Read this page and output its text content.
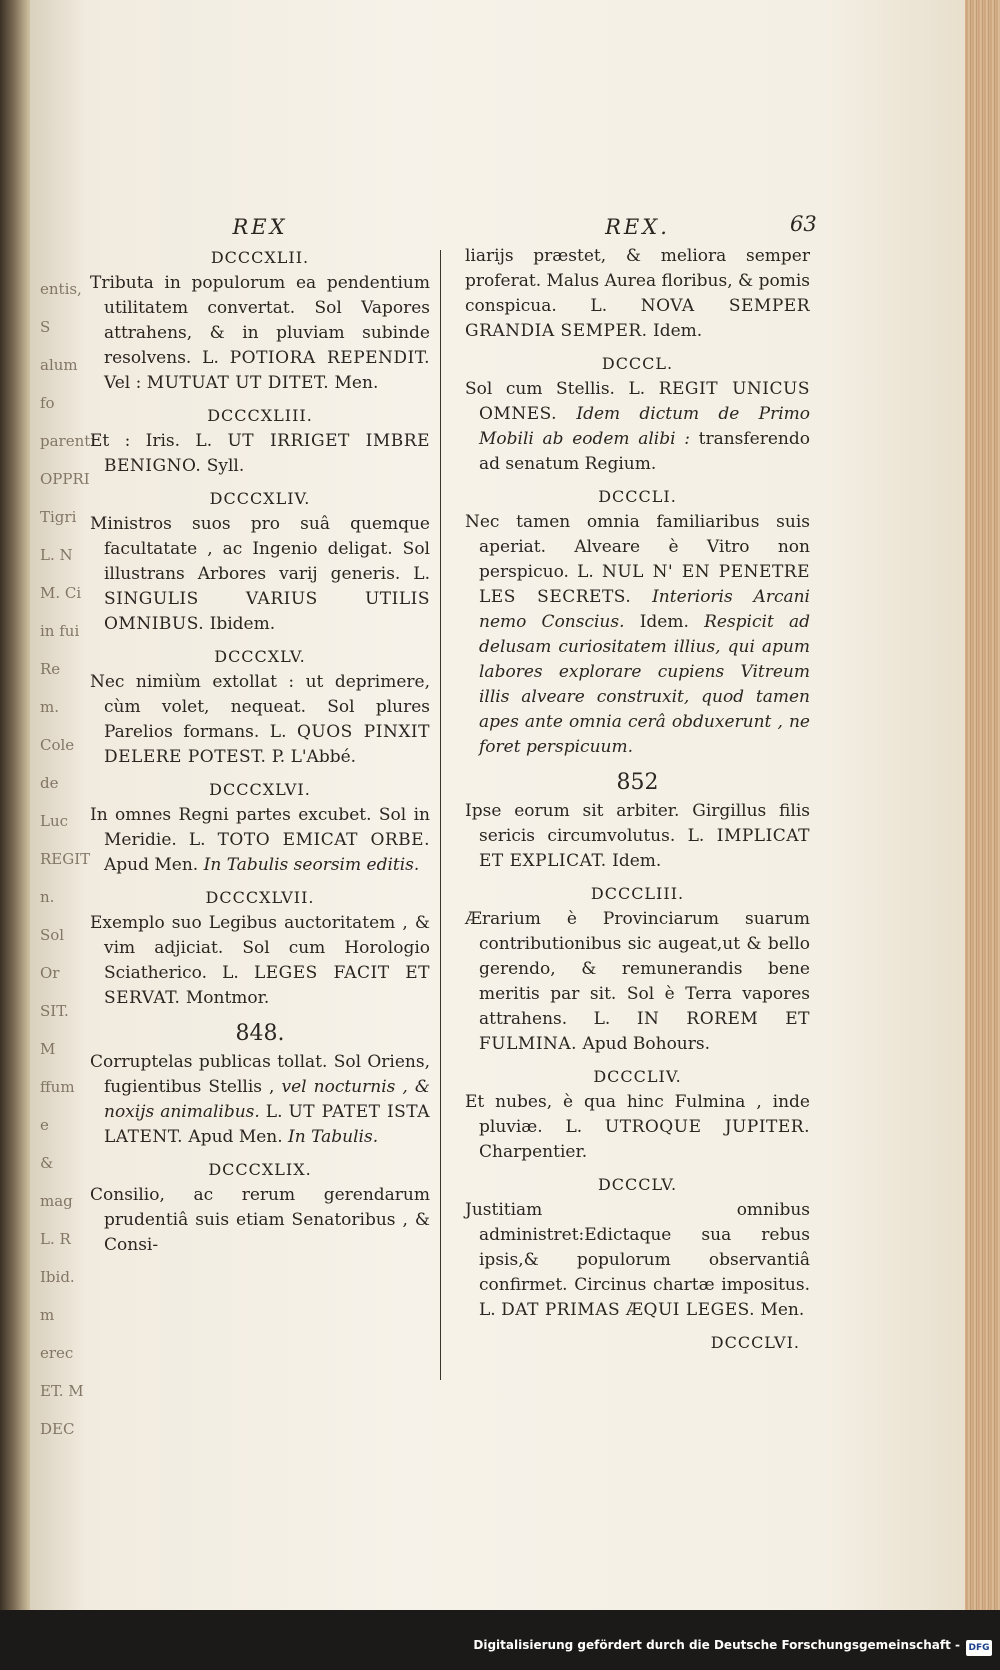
entis, S
alum fo
parenti
OPPRI
Tigri
L. N
M. Ci
in fui Re
m. Cole
de Luc
REGIT
n.
Sol Or
SIT. M
ffum e
& mag
L. R
Ibid.
m erec
ET. M
DEC

REX

DCCCXLII.

Tributa in populorum ea pendentium utilitatem convertat. Sol Vapores attrahens, & in pluviam subinde resolvens. L. POTIORA REPENDIT. Vel : MUTUAT UT DITET. Men.

DCCCXLIII.

Et : Iris. L. UT IRRIGET IMBRE BENIGNO. Syll.

DCCCXLIV.

Ministros suos pro suâ quemque facultatate , ac Ingenio deligat. Sol illustrans Arbores varij generis. L. SINGULIS VARIUS UTILIS OMNIBUS. Ibidem.

DCCCXLV.

Nec nimiùm extollat : ut deprimere, cùm volet, nequeat. Sol plures Parelios formans. L. QUOS PINXIT DELERE POTEST. P. L'Abbé.

DCCCXLVI.

In omnes Regni partes excubet. Sol in Meridie. L. TOTO EMICAT ORBE. Apud Men. In Tabulis seorsim editis.

DCCCXLVII.

Exemplo suo Legibus auctoritatem , & vim adjiciat. Sol cum Horologio Sciatherico. L. LEGES FACIT ET SERVAT. Montmor.

848.

Corruptelas publicas tollat. Sol Oriens, fugientibus Stellis , vel nocturnis , & noxijs animalibus. L. UT PATET ISTA LATENT. Apud Men. In Tabulis.

DCCCXLIX.

Consilio, ac rerum gerendarum prudentiâ suis etiam Senatoribus , & Consi-

REX.

liarijs præstet, & meliora semper proferat. Malus Aurea floribus, & pomis conspicua. L. NOVA SEMPER GRANDIA SEMPER. Idem.

DCCCL.

Sol cum Stellis. L. REGIT UNICUS OMNES. Idem dictum de Primo Mobili ab eodem alibi : transferendo ad senatum Regium.

DCCCLI.

Nec tamen omnia familiaribus suis aperiat. Alveare è Vitro non perspicuo. L. NUL N' EN PENETRE LES SECRETS. Interioris Arcani nemo Conscius. Idem. Respicit ad delusam curiositatem illius, qui apum labores explorare cupiens Vitreum illis alveare construxit, quod tamen apes ante omnia cerâ obduxerunt , ne foret perspicuum.

852

Ipse eorum sit arbiter. Girgillus filis sericis circumvolutus. L. IMPLICAT ET EXPLICAT. Idem.

DCCCLIII.

Ærarium è Provinciarum suarum contributionibus sic augeat,ut & bello gerendo, & remunerandis bene meritis par sit. Sol è Terra vapores attrahens. L. IN ROREM ET FULMINA. Apud Bohours.

DCCCLIV.

Et nubes, è qua hinc Fulmina , inde pluviæ. L. UTROQUE JUPITER. Charpentier.

DCCCLV.

Justitiam omnibus administret:Edictaque sua rebus ipsis,& populorum observantiâ confirmet. Circinus chartæ impositus. L. DAT PRIMAS ÆQUI LEGES. Men.

DCCCLVI.
63
Digitalisierung gefördert durch die Deutsche Forschungsgemeinschaft - DFG
